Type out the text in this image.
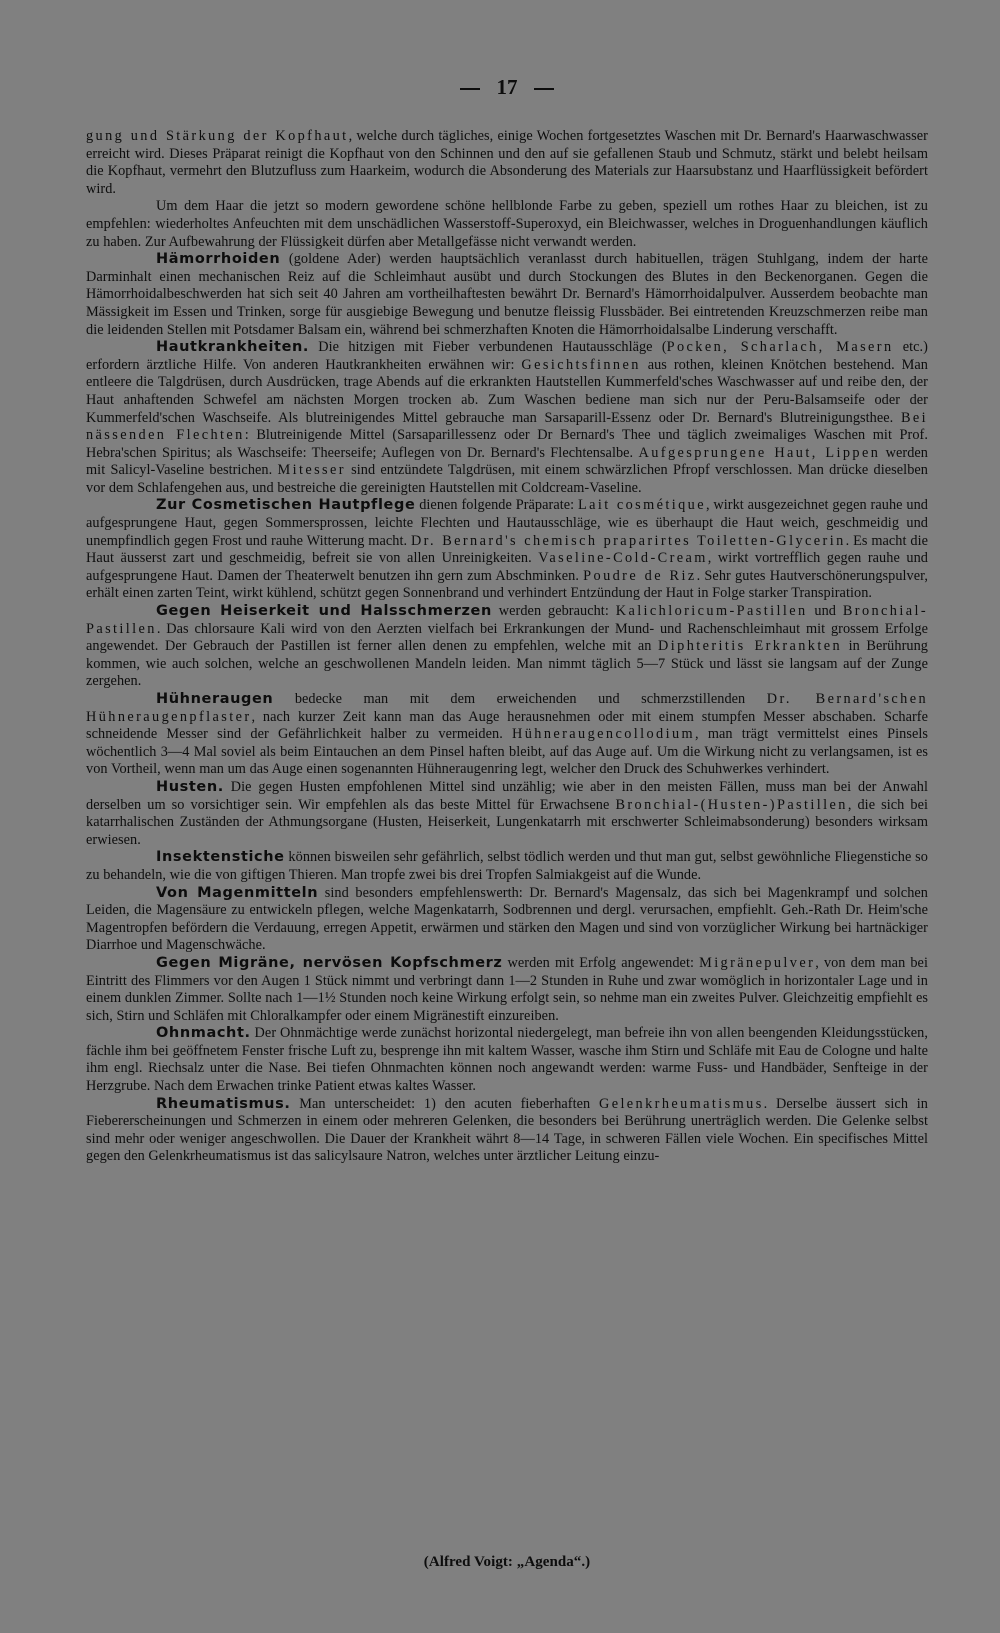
17

gung und Stärkung der Kopfhaut, welche durch tägliches, einige Wochen fortgesetztes Waschen mit Dr. Bernard's Haarwaschwasser erreicht wird. Dieses Präparat reinigt die Kopfhaut von den Schinnen und den auf sie gefallenen Staub und Schmutz, stärkt und belebt heilsam die Kopfhaut, vermehrt den Blutzufluss zum Haarkeim, wodurch die Absonderung des Materials zur Haarsubstanz und Haarflüssigkeit befördert wird.

Um dem Haar die jetzt so modern gewordene schöne hellblonde Farbe zu geben, speziell um rothes Haar zu bleichen, ist zu empfehlen: wiederholtes Anfeuchten mit dem unschädlichen Wasserstoff-Superoxyd, ein Bleichwasser, welches in Droguenhandlungen käuflich zu haben. Zur Aufbewahrung der Flüssigkeit dürfen aber Metallgefässe nicht verwandt werden.

Hämorrhoiden (goldene Ader) werden hauptsächlich veranlasst durch habituellen, trägen Stuhlgang, indem der harte Darminhalt einen mechanischen Reiz auf die Schleimhaut ausübt und durch Stockungen des Blutes in den Beckenorganen. Gegen die Hämorrhoidalbeschwerden hat sich seit 40 Jahren am vortheilhaftesten bewährt Dr. Bernard's Hämorrhoidalpulver. Ausserdem beobachte man Mässigkeit im Essen und Trinken, sorge für ausgiebige Bewegung und benutze fleissig Flussbäder. Bei eintretenden Kreuzschmerzen reibe man die leidenden Stellen mit Potsdamer Balsam ein, während bei schmerzhaften Knoten die Hämorrhoidalsalbe Linderung verschafft.

Hautkrankheiten. Die hitzigen mit Fieber verbundenen Hautausschläge (Pocken, Scharlach, Masern etc.) erfordern ärztliche Hilfe. Von anderen Hautkrankheiten erwähnen wir: Gesichtsfinnen aus rothen, kleinen Knötchen bestehend. Man entleere die Talgdrüsen, durch Ausdrücken, trage Abends auf die erkrankten Hautstellen Kummerfeld'sches Waschwasser auf und reibe den, der Haut anhaftenden Schwefel am nächsten Morgen trocken ab. Zum Waschen bediene man sich nur der Peru-Balsamseife oder der Kummerfeld'schen Waschseife. Als blutreinigendes Mittel gebrauche man Sarsaparill-Essenz oder Dr. Bernard's Blutreinigungsthee. Bei nässenden Flechten: Blutreinigende Mittel (Sarsaparillessenz oder Dr Bernard's Thee und täglich zweimaliges Waschen mit Prof. Hebra'schen Spiritus; als Waschseife: Theerseife; Auflegen von Dr. Bernard's Flechtensalbe. Aufgesprungene Haut, Lippen werden mit Salicyl-Vaseline bestrichen. Mitesser sind entzündete Talgdrüsen, mit einem schwärzlichen Pfropf verschlossen. Man drücke dieselben vor dem Schlafengehen aus, und bestreiche die gereinigten Hautstellen mit Coldcream-Vaseline.

Zur Cosmetischen Hautpflege dienen folgende Präparate: Lait cosmétique, wirkt ausgezeichnet gegen rauhe und aufgesprungene Haut, gegen Sommersprossen, leichte Flechten und Hautausschläge, wie es überhaupt die Haut weich, geschmeidig und unempfindlich gegen Frost und rauhe Witterung macht. Dr. Bernard's chemisch praparirtes Toiletten-Glycerin. Es macht die Haut äusserst zart und geschmeidig, befreit sie von allen Unreinigkeiten. Vaseline-Cold-Cream, wirkt vortrefflich gegen rauhe und aufgesprungene Haut. Damen der Theaterwelt benutzen ihn gern zum Abschminken. Poudre de Riz. Sehr gutes Hautverschönerungspulver, erhält einen zarten Teint, wirkt kühlend, schützt gegen Sonnenbrand und verhindert Entzündung der Haut in Folge starker Transpiration.

Gegen Heiserkeit und Halsschmerzen werden gebraucht: Kalichloricum-Pastillen und Bronchial-Pastillen. Das chlorsaure Kali wird von den Aerzten vielfach bei Erkrankungen der Mund- und Rachenschleimhaut mit grossem Erfolge angewendet. Der Gebrauch der Pastillen ist ferner allen denen zu empfehlen, welche mit an Diphteritis Erkrankten in Berührung kommen, wie auch solchen, welche an geschwollenen Mandeln leiden. Man nimmt täglich 5—7 Stück und lässt sie langsam auf der Zunge zergehen.

Hühneraugen bedecke man mit dem erweichenden und schmerzstillenden Dr. Bernard'schen Hühneraugenpflaster, nach kurzer Zeit kann man das Auge herausnehmen oder mit einem stumpfen Messer abschaben. Scharfe schneidende Messer sind der Gefährlichkeit halber zu vermeiden. Hühneraugencollodium, man trägt vermittelst eines Pinsels wöchentlich 3—4 Mal soviel als beim Eintauchen an dem Pinsel haften bleibt, auf das Auge auf. Um die Wirkung nicht zu verlangsamen, ist es von Vortheil, wenn man um das Auge einen sogenannten Hühneraugenring legt, welcher den Druck des Schuhwerkes verhindert.

Husten. Die gegen Husten empfohlenen Mittel sind unzählig; wie aber in den meisten Fällen, muss man bei der Anwahl derselben um so vorsichtiger sein. Wir empfehlen als das beste Mittel für Erwachsene Bronchial-(Husten-)Pastillen, die sich bei katarrhalischen Zuständen der Athmungsorgane (Husten, Heiserkeit, Lungenkatarrh mit erschwerter Schleimabsonderung) besonders wirksam erwiesen.

Insektenstiche können bisweilen sehr gefährlich, selbst tödlich werden und thut man gut, selbst gewöhnliche Fliegenstiche so zu behandeln, wie die von giftigen Thieren. Man tropfe zwei bis drei Tropfen Salmiakgeist auf die Wunde.

Von Magenmitteln sind besonders empfehlenswerth: Dr. Bernard's Magensalz, das sich bei Magenkrampf und solchen Leiden, die Magensäure zu entwickeln pflegen, welche Magenkatarrh, Sodbrennen und dergl. verursachen, empfiehlt. Geh.-Rath Dr. Heim'sche Magentropfen befördern die Verdauung, erregen Appetit, erwärmen und stärken den Magen und sind von vorzüglicher Wirkung bei hartnäckiger Diarrhoe und Magenschwäche.

Gegen Migräne, nervösen Kopfschmerz werden mit Erfolg angewendet: Migränepulver, von dem man bei Eintritt des Flimmers vor den Augen 1 Stück nimmt und verbringt dann 1—2 Stunden in Ruhe und zwar womöglich in horizontaler Lage und in einem dunklen Zimmer. Sollte nach 1—1½ Stunden noch keine Wirkung erfolgt sein, so nehme man ein zweites Pulver. Gleichzeitig empfiehlt es sich, Stirn und Schläfen mit Chloralkampfer oder einem Migränestift einzureiben.

Ohnmacht. Der Ohnmächtige werde zunächst horizontal niedergelegt, man befreie ihn von allen beengenden Kleidungsstücken, fächle ihm bei geöffnetem Fenster frische Luft zu, besprenge ihn mit kaltem Wasser, wasche ihm Stirn und Schläfe mit Eau de Cologne und halte ihm engl. Riechsalz unter die Nase. Bei tiefen Ohnmachten können noch angewandt werden: warme Fuss- und Handbäder, Senfteige in der Herzgrube. Nach dem Erwachen trinke Patient etwas kaltes Wasser.

Rheumatismus. Man unterscheidet: 1) den acuten fieberhaften Gelenkrheumatismus. Derselbe äussert sich in Fiebererscheinungen und Schmerzen in einem oder mehreren Gelenken, die besonders bei Berührung unerträglich werden. Die Gelenke selbst sind mehr oder weniger angeschwollen. Die Dauer der Krankheit währt 8—14 Tage, in schweren Fällen viele Wochen. Ein specifisches Mittel gegen den Gelenkrheumatismus ist das salicylsaure Natron, welches unter ärztlicher Leitung einzu-

(Alfred Voigt: „Agenda“.)
